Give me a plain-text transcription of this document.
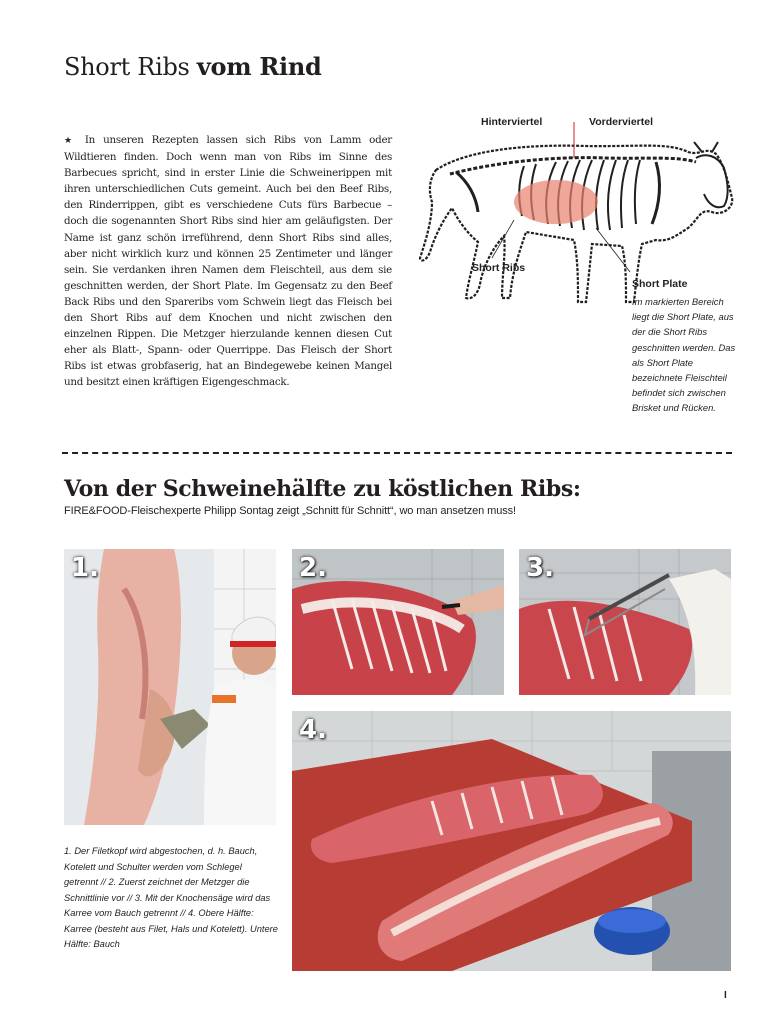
Short Ribs vom Rind

★ In unseren Rezepten lassen sich Ribs von Lamm oder Wildtieren finden. Doch wenn man von Ribs im Sinne des Barbecues spricht, sind in erster Linie die Schweinerippen mit ihren unterschiedlichen Cuts gemeint. Auch bei den Beef Ribs, den Rinderrippen, gibt es verschiedene Cuts fürs Barbecue – doch die sogenannten Short Ribs sind hier am geläufigsten. Der Name ist ganz schön irreführend, denn Short Ribs sind alles, aber nicht wirklich kurz und können 25 Zentimeter und länger sein. Sie verdanken ihren Namen dem Fleischteil, aus dem sie geschnitten werden, der Short Plate. Im Gegensatz zu den Beef Back Ribs und den Spareribs vom Schwein liegt das Fleisch bei den Short Ribs auf dem Knochen und nicht zwischen den einzelnen Rippen. Die Metzger hierzulande kennen diesen Cut eher als Blatt-, Spann- oder Querrippe. Das Fleisch der Short Ribs ist etwas grobfaserig, hat an Bindegewebe keinen Mangel und besitzt einen kräftigen Eigengeschmack.

Hinterviertel	Vorderviertel
Short Ribs
Short Plate

Im markierten Bereich liegt die Short Plate, aus der die Short Ribs geschnitten werden. Das als Short Plate bezeichnete Fleischteil befindet sich zwischen Brisket und Rücken.

Von der Schweinehälfte zu köstlichen Ribs:

FIRE&FOOD-Fleischexperte Philipp Sontag zeigt „Schnitt für Schnitt“, wo man ansetzen muss!

1.	2.	3.
4.

1. Der Filetkopf wird abgestochen, d. h. Bauch, Kotelett und Schulter werden vom Schlegel getrennt // 2. Zuerst zeichnet der Metzger die Schnittlinie vor // 3. Mit der Knochensäge wird das Karree vom Bauch getrennt // 4. Obere Hälfte: Karree (besteht aus Filet, Hals und Kotelett). Untere Hälfte: Bauch

I
